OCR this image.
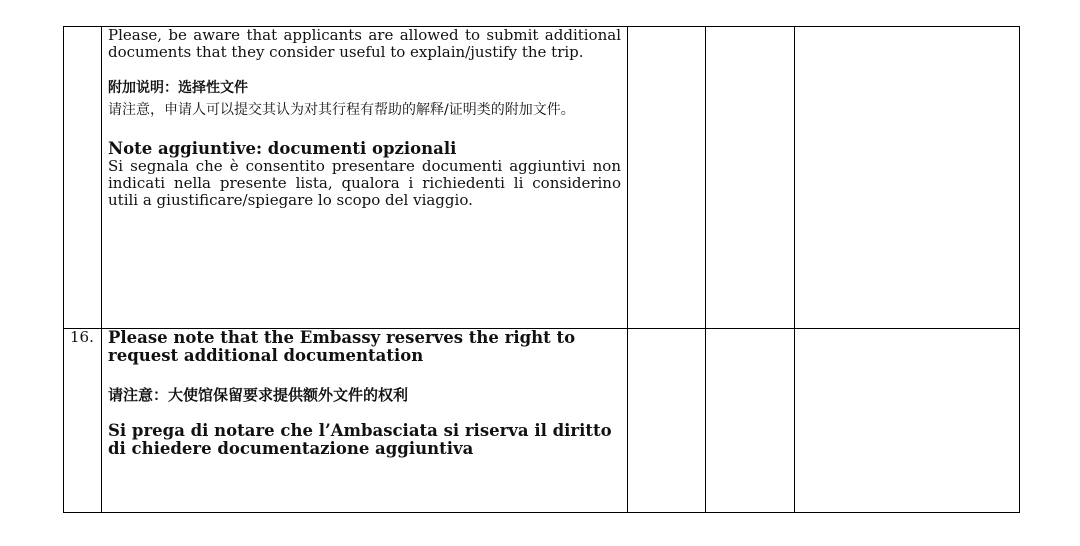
	Please, be aware that applicants are allowed to submit additional documents that they consider useful to explain/justify the trip.

附加说明：选择性文件

请注意，申请人可以提交其认为对其行程有帮助的解释/证明类的附加文件。

Note aggiuntive: documenti opzionali

Si segnala che è consentito presentare documenti aggiuntivi non indicati nella presente lista, qualora i richiedenti li considerino utili a giustificare/spiegare lo scopo del viaggio.			

16.	Please note that the Embassy reserves the right to request additional documentation

请注意：大使馆保留要求提供额外文件的权利

Si prega di notare che l’Ambasciata si riserva il diritto di chiedere documentazione aggiuntiva			
